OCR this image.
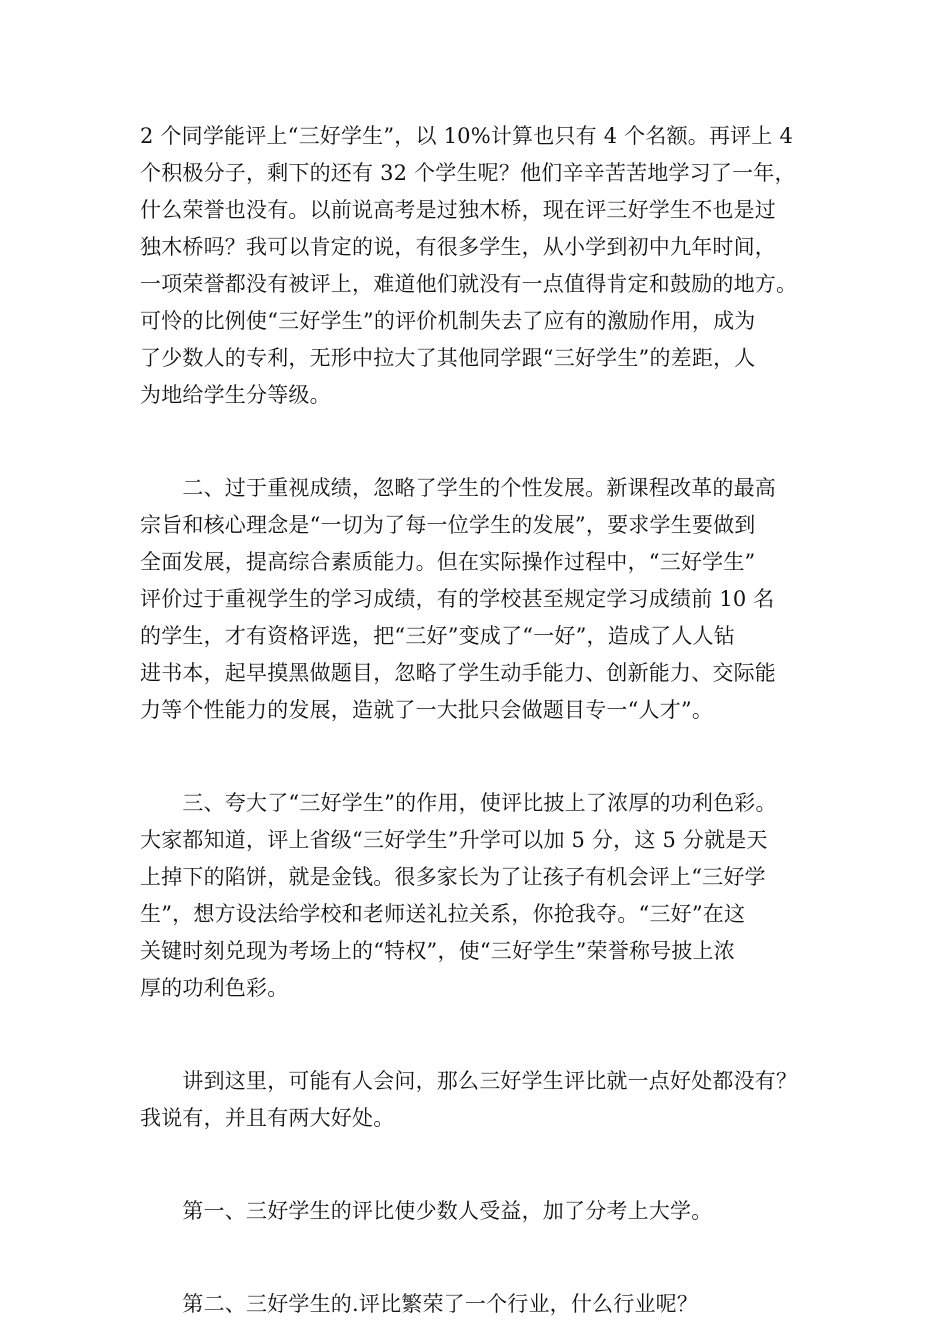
2 个同学能评上“三好学生”，以 10%计算也只有 4 个名额。再评上 4
个积极分子，剩下的还有 32 个学生呢？他们辛辛苦苦地学习了一年，
什么荣誉也没有。以前说高考是过独木桥，现在评三好学生不也是过
独木桥吗？我可以肯定的说，有很多学生，从小学到初中九年时间，
一项荣誉都没有被评上，难道他们就没有一点值得肯定和鼓励的地方。
可怜的比例使“三好学生”的评价机制失去了应有的激励作用，成为
了少数人的专利，无形中拉大了其他同学跟“三好学生”的差距，人
为地给学生分等级。
　　二、过于重视成绩，忽略了学生的个性发展。新课程改革的最高
宗旨和核心理念是“一切为了每一位学生的发展”，要求学生要做到
全面发展，提高综合素质能力。但在实际操作过程中，“三好学生”
评价过于重视学生的学习成绩，有的学校甚至规定学习成绩前 10 名
的学生，才有资格评选，把“三好”变成了“一好”，造成了人人钻
进书本，起早摸黑做题目，忽略了学生动手能力、创新能力、交际能
力等个性能力的发展，造就了一大批只会做题目专一“人才”。
　　三、夸大了“三好学生”的作用，使评比披上了浓厚的功利色彩。
大家都知道，评上省级“三好学生”升学可以加 5 分，这 5 分就是天
上掉下的陷饼，就是金钱。很多家长为了让孩子有机会评上“三好学
生”，想方设法给学校和老师送礼拉关系，你抢我夺。“三好”在这
关键时刻兑现为考场上的“特权”，使“三好学生”荣誉称号披上浓
厚的功利色彩。
　　讲到这里，可能有人会问，那么三好学生评比就一点好处都没有？
我说有，并且有两大好处。
　　第一、三好学生的评比使少数人受益，加了分考上大学。
　　第二、三好学生的.评比繁荣了一个行业，什么行业呢？
